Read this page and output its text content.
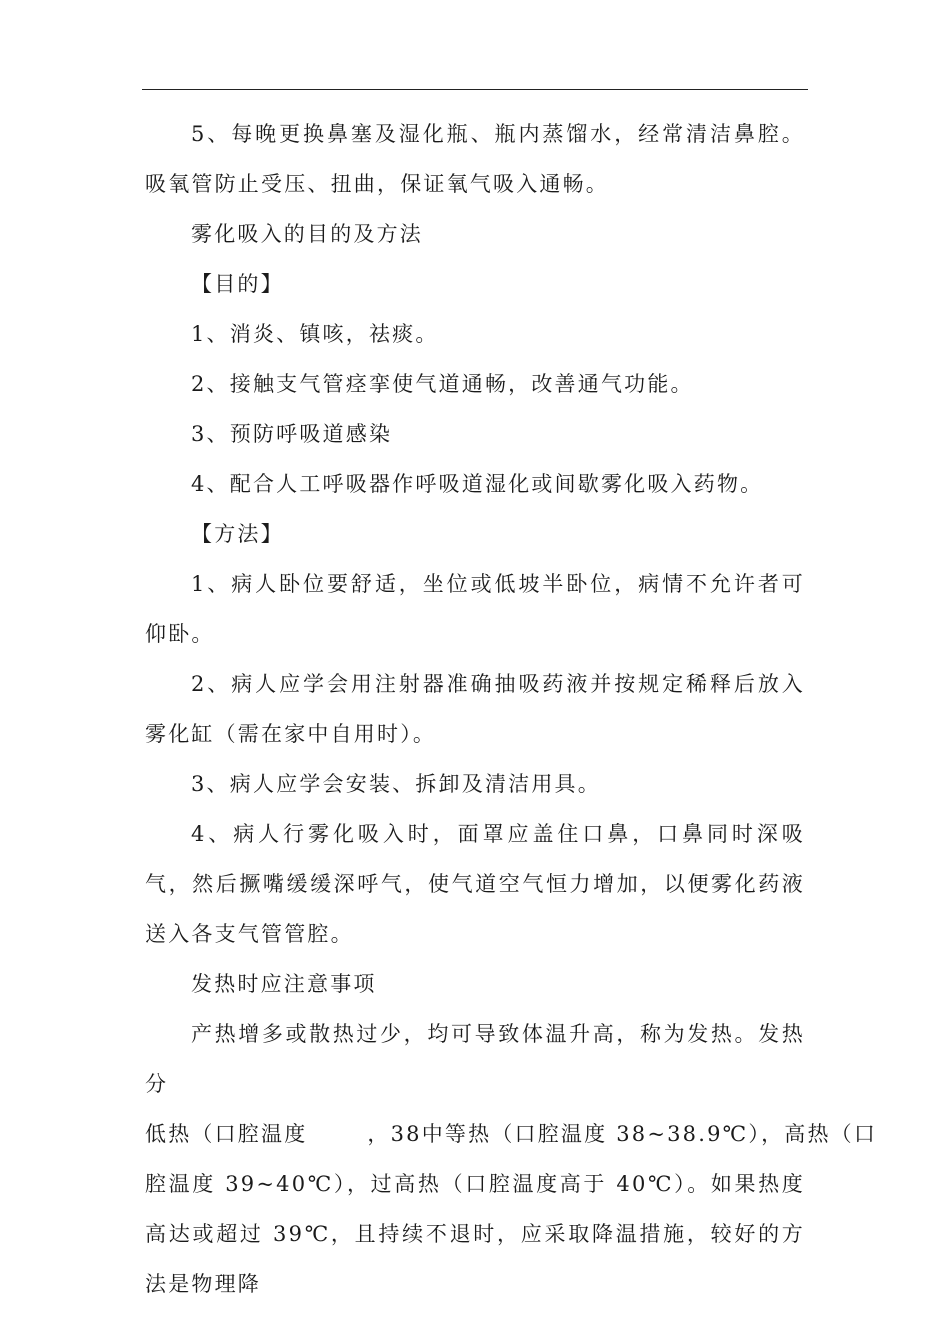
5、每晚更换鼻塞及湿化瓶、瓶内蒸馏水，经常清洁鼻腔。吸氧管防止受压、扭曲，保证氧气吸入通畅。

雾化吸入的目的及方法

【目的】

1、消炎、镇咳，祛痰。

2、接触支气管痉挛使气道通畅，改善通气功能。

3、预防呼吸道感染

4、配合人工呼吸器作呼吸道湿化或间歇雾化吸入药物。

【方法】

1、病人卧位要舒适，坐位或低坡半卧位，病情不允许者可仰卧。

2、病人应学会用注射器准确抽吸药液并按规定稀释后放入雾化缸（需在家中自用时）。

3、病人应学会安装、拆卸及清洁用具。

4、病人行雾化吸入时，面罩应盖住口鼻，口鼻同时深吸气，然后撅嘴缓缓深呼气，使气道空气恒力增加，以便雾化药液送入各支气管管腔。

发热时应注意事项

产热增多或散热过少，均可导致体温升高，称为发热。发热分

低热（口腔温度	，38中等热（口腔温度 38~38.9℃），高热（口

腔温度 39~40℃），过高热（口腔温度高于 40℃）。如果热度高达或超过 39℃，且持续不退时，应采取降温措施，较好的方法是物理降
